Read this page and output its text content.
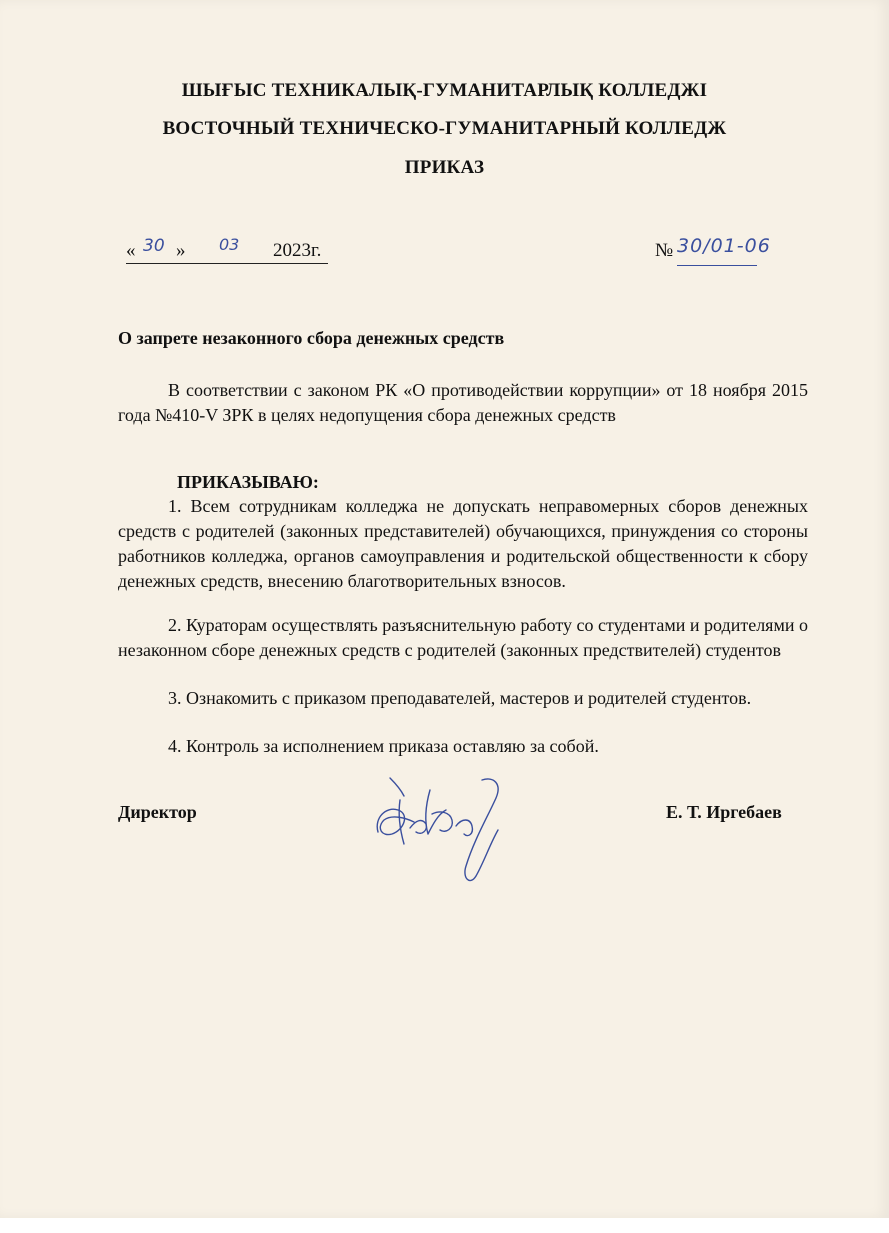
ШЫҒЫС ТЕХНИКАЛЫҚ-ГУМАНИТАРЛЫҚ КОЛЛЕДЖІ
ВОСТОЧНЫЙ ТЕХНИЧЕСКО-ГУМАНИТАРНЫЙ КОЛЛЕДЖ
ПРИКАЗ
« 30 » 03 2023г.	№ 30/01-06
О запрете незаконного сбора денежных средств

В соответствии с законом РК «О противодействии коррупции» от 18 ноября 2015 года №410-V ЗРК в целях недопущения сбора денежных средств

ПРИКАЗЫВАЮ:

1. Всем сотрудникам колледжа не допускать неправомерных сборов денежных средств с родителей (законных представителей) обучающихся, принуждения со стороны работников колледжа, органов самоуправления и родительской общественности к сбору денежных средств, внесению благотворительных взносов.

2. Кураторам осуществлять разъяснительную работу со студентами и родителями о незаконном сборе денежных средств с родителей (законных предствителей) студентов

3. Ознакомить с приказом преподавателей, мастеров и родителей студентов.

4. Контроль за исполнением приказа оставляю за собой.

Директор	Е. Т. Иргебаев
